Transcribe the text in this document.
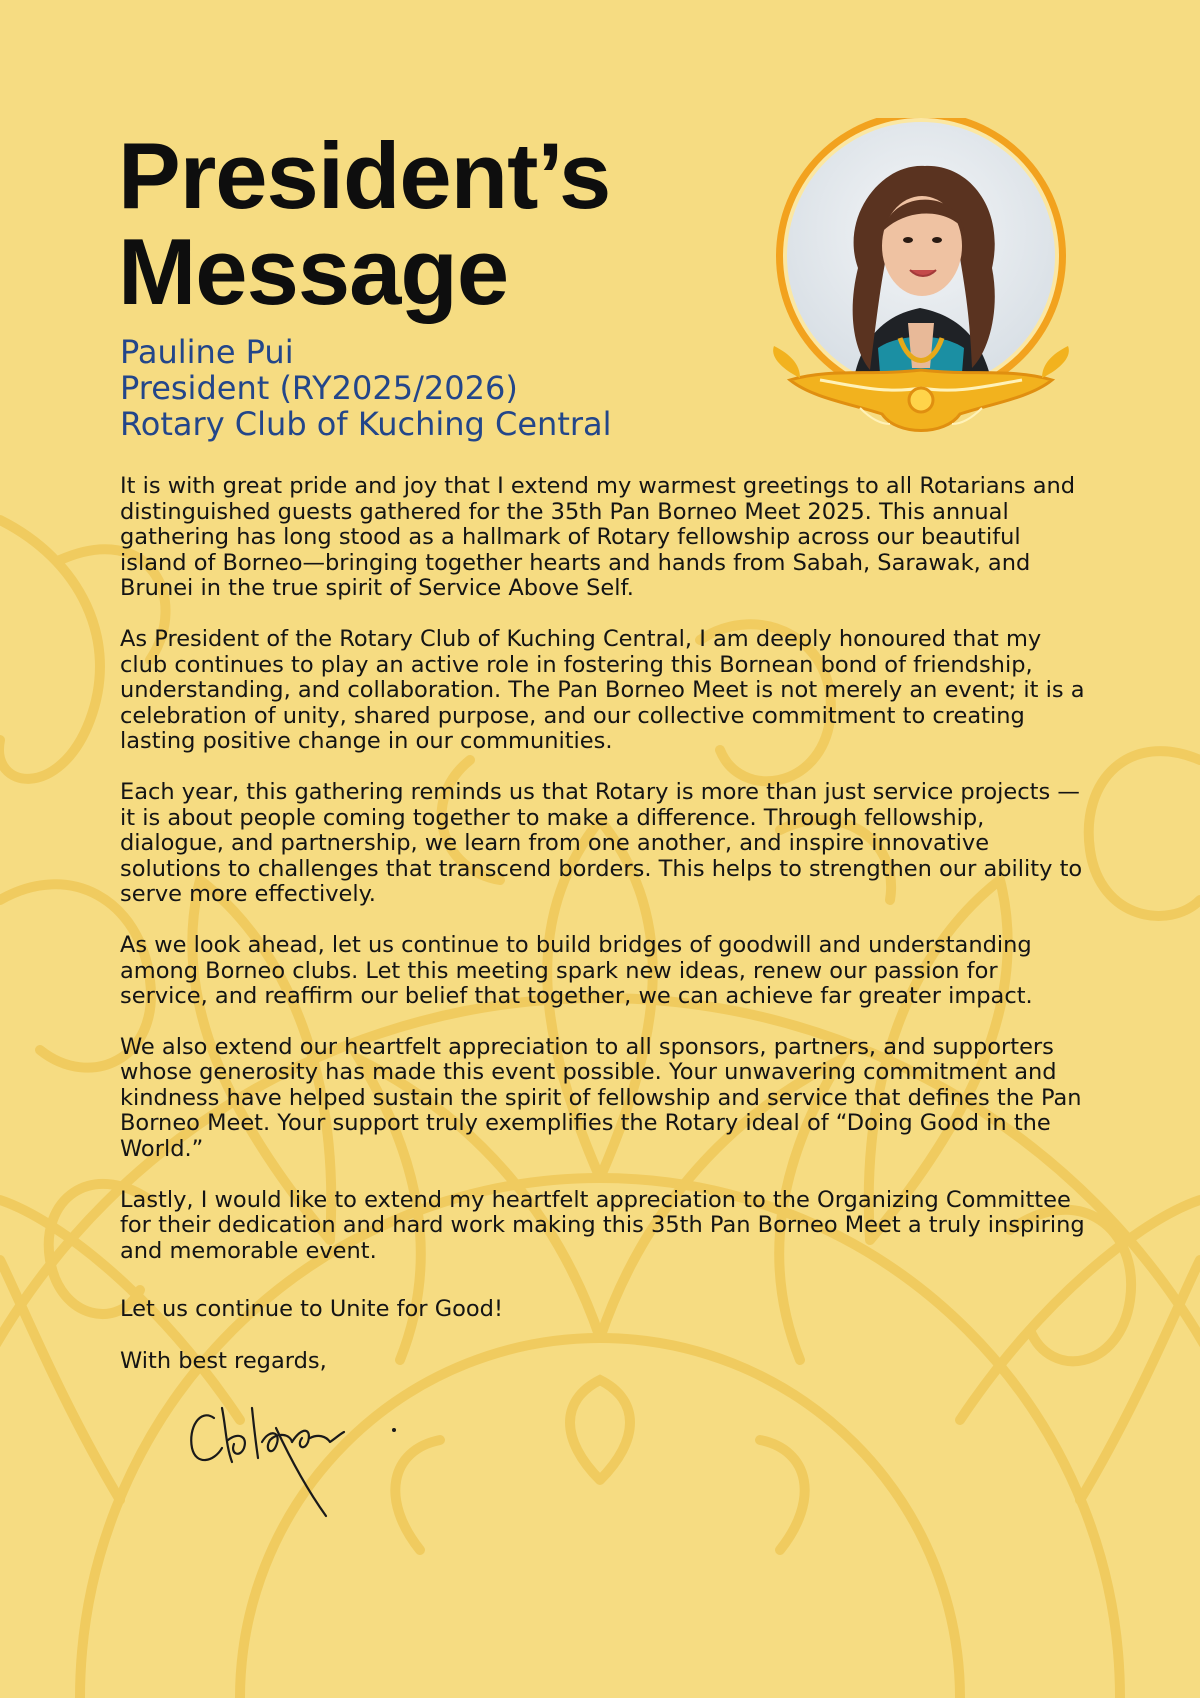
President’s
Message
Pauline Pui
President (RY2025/2026)
Rotary Club of Kuching Central

It is with great pride and joy that I extend my warmest greetings to all Rotarians and distinguished guests gathered for the 35th Pan Borneo Meet 2025. This annual gathering has long stood as a hallmark of Rotary fellowship across our beautiful island of Borneo—bringing together hearts and hands from Sabah, Sarawak, and Brunei in the true spirit of Service Above Self.

As President of the Rotary Club of Kuching Central, I am deeply honoured that my club continues to play an active role in fostering this Bornean bond of friendship, understanding, and collaboration. The Pan Borneo Meet is not merely an event; it is a celebration of unity, shared purpose, and our collective commitment to creating lasting positive change in our communities.

Each year, this gathering reminds us that Rotary is more than just service projects —it is about people coming together to make a difference. Through fellowship, dialogue, and partnership, we learn from one another, and inspire innovative solutions to challenges that transcend borders. This helps to strengthen our ability to serve more effectively.

As we look ahead, let us continue to build bridges of goodwill and understanding among Borneo clubs. Let this meeting spark new ideas, renew our passion for service, and reaffirm our belief that together, we can achieve far greater impact.

We also extend our heartfelt appreciation to all sponsors, partners, and supporters whose generosity has made this event possible. Your unwavering commitment and kindness have helped sustain the spirit of fellowship and service that defines the Pan Borneo Meet. Your support truly exemplifies the Rotary ideal of “Doing Good in the World.”

Lastly, I would like to extend my heartfelt appreciation to the Organizing Committee for their dedication and hard work making this 35th Pan Borneo Meet a truly inspiring and memorable event.

Let us continue to Unite for Good!
With best regards,
